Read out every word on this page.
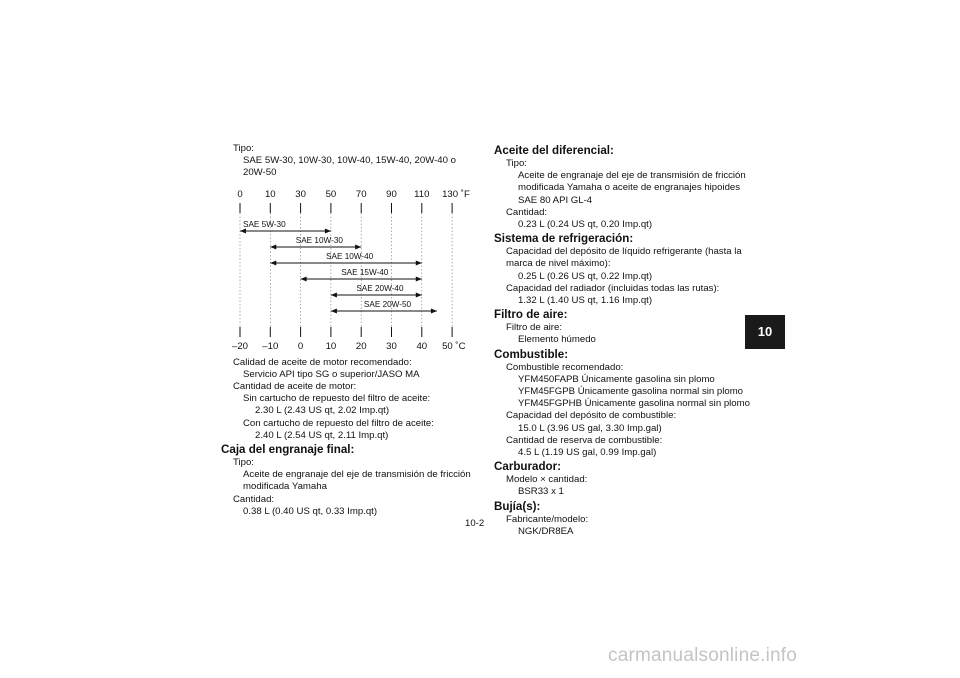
Tipo:
SAE 5W-30, 10W-30, 10W-40, 15W-40, 20W-40 o 20W-50
0 10 30 50 70 90 110 130 ˚F
–20 –10 0 10 20 30 40 50 ˚C
SAE 5W-30
SAE 10W-30
SAE 10W-40
SAE 15W-40
SAE 20W-40
SAE 20W-50
Calidad de aceite de motor recomendado:
Servicio API tipo SG o superior/JASO MA
Cantidad de aceite de motor:
Sin cartucho de repuesto del filtro de aceite:
2.30 L (2.43 US qt, 2.02 Imp.qt)
Con cartucho de repuesto del filtro de aceite:
2.40 L (2.54 US qt, 2.11 Imp.qt)
Caja del engranaje final:
Tipo:
Aceite de engranaje del eje de transmisión de fricción modificada Yamaha
Cantidad:
0.38 L (0.40 US qt, 0.33 Imp.qt)
Aceite del diferencial:
Tipo:
Aceite de engranaje del eje de transmisión de fricción modificada Yamaha o aceite de engranajes hipoides SAE 80 API GL-4
Cantidad:
0.23 L (0.24 US qt, 0.20 Imp.qt)
Sistema de refrigeración:
Capacidad del depósito de líquido refrigerante (hasta la marca de nivel máximo):
0.25 L (0.26 US qt, 0.22 Imp.qt)
Capacidad del radiador (incluidas todas las rutas):
1.32 L (1.40 US qt, 1.16 Imp.qt)
Filtro de aire:
Filtro de aire:
Elemento húmedo
Combustible:
Combustible recomendado:
YFM450FAPB Únicamente gasolina sin plomo
YFM45FGPB Únicamente gasolina normal sin plomo
YFM45FGPHB Únicamente gasolina normal sin plomo
Capacidad del depósito de combustible:
15.0 L (3.96 US gal, 3.30 Imp.gal)
Cantidad de reserva de combustible:
4.5 L (1.19 US gal, 0.99 Imp.gal)
Carburador:
Modelo × cantidad:
BSR33 x 1
Bujía(s):
Fabricante/modelo:
NGK/DR8EA
10
10-2
carmanualsonline.info
